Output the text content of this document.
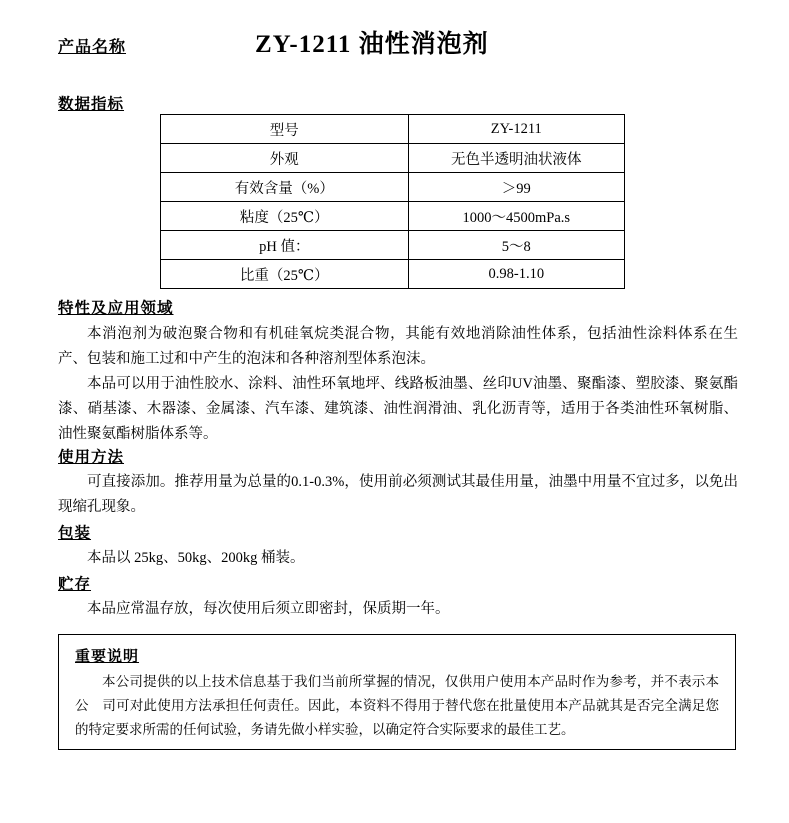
产品名称	ZY-1211 油性消泡剂
数据指标
型号	ZY-1211
外观	无色半透明油状液体
有效含量（%）	＞99
粘度（25℃）	1000～4500mPa.s
pH 值：	5～8
比重（25℃）	0.98-1.10
特性及应用领域

本消泡剂为破泡聚合物和有机硅氧烷类混合物，其能有效地消除油性体系，包括油性涂料体系在生产、包装和施工过和中产生的泡沫和各种溶剂型体系泡沫。

本品可以用于油性胶水、涂料、油性环氧地坪、线路板油墨、丝印UV油墨、聚酯漆、塑胶漆、聚氨酯漆、硝基漆、木器漆、金属漆、汽车漆、建筑漆、油性润滑油、乳化沥青等，适用于各类油性环氧树脂、油性聚氨酯树脂体系等。

使用方法

可直接添加。推荐用量为总量的0.1-0.3%，使用前必须测试其最佳用量，油墨中用量不宜过多，以免出现缩孔现象。

包装

本品以 25kg、50kg、200kg 桶装。

贮存

本品应常温存放，每次使用后须立即密封，保质期一年。

重要说明

本公司提供的以上技术信息基于我们当前所掌握的情况，仅供用户使用本产品时作为参考，并不表示本公　司可对此使用方法承担任何责任。因此，本资料不得用于替代您在批量使用本产品就其是否完全满足您的特定要求所需的任何试验，务请先做小样实验，以确定符合实际要求的最佳工艺。
